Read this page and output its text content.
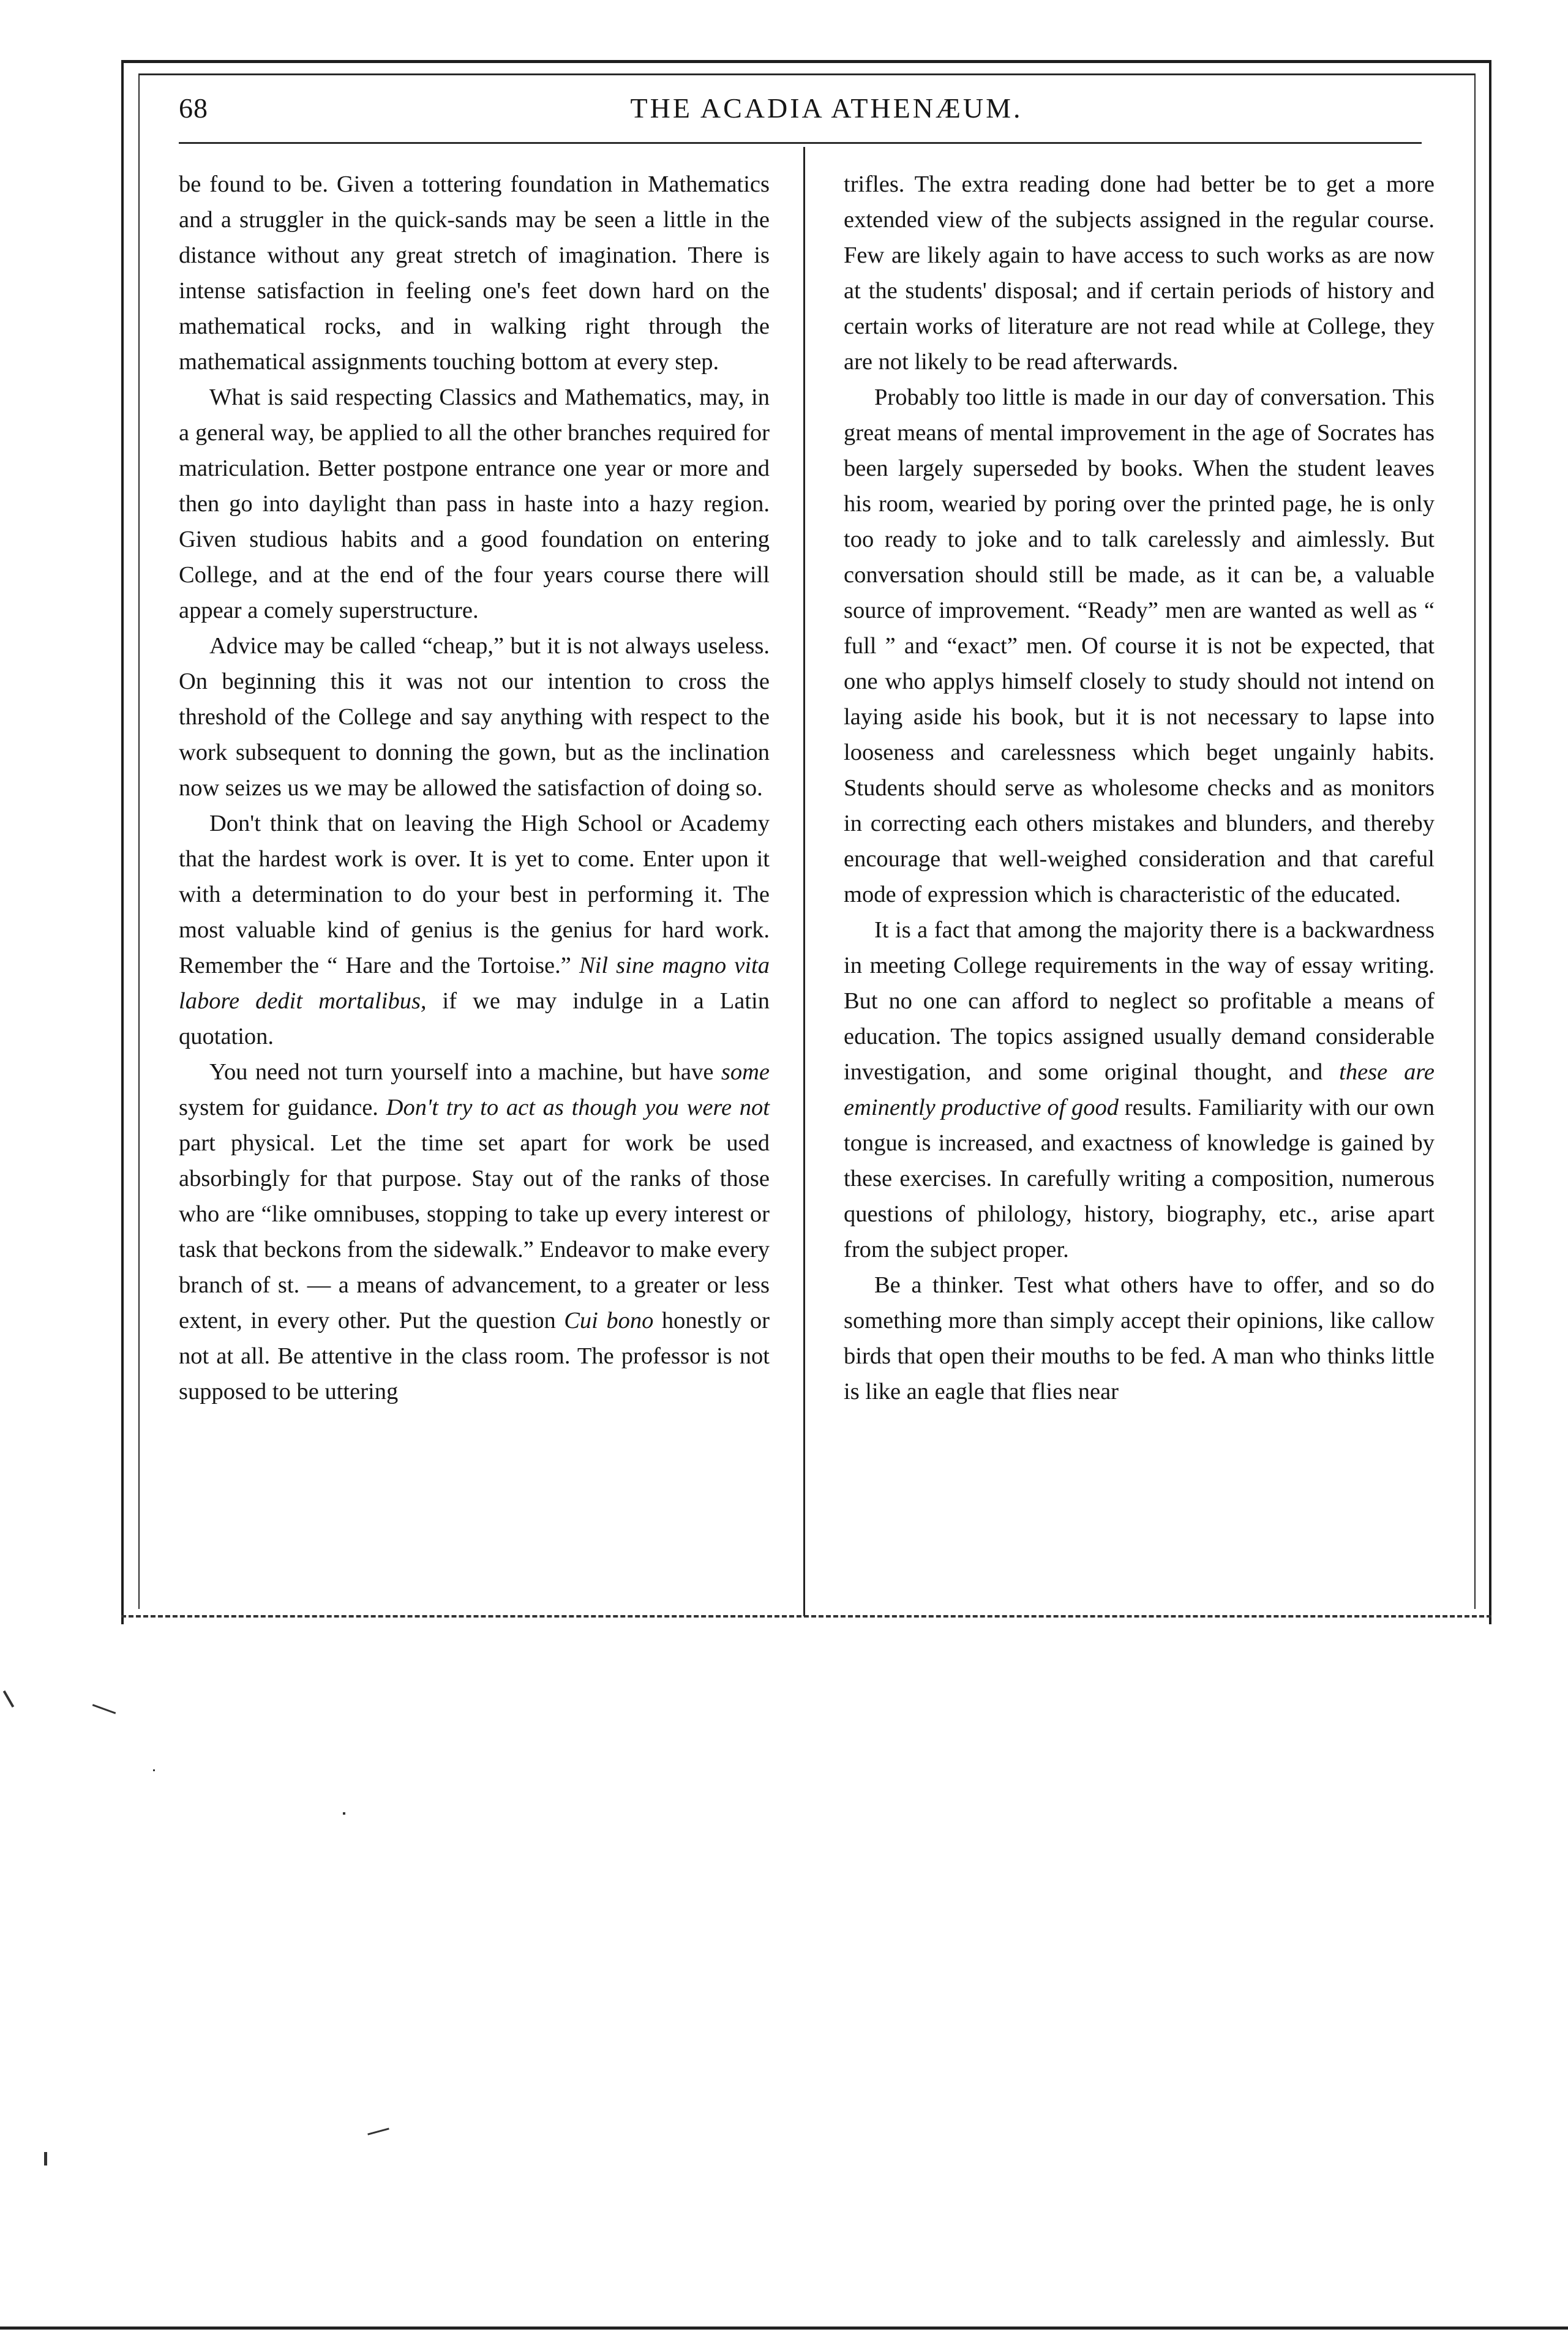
68	THE ACADIA ATHENÆUM.

be found to be. Given a tottering foundation in Mathematics and a struggler in the quick-sands may be seen a little in the distance without any great stretch of imagination. There is intense satisfaction in feeling one's feet down hard on the mathematical rocks, and in walking right through the mathematical assignments touching bottom at every step.

What is said respecting Classics and Mathematics, may, in a general way, be applied to all the other branches required for matriculation. Better postpone entrance one year or more and then go into daylight than pass in haste into a hazy region. Given studious habits and a good foundation on entering College, and at the end of the four years course there will appear a comely superstructure.

Advice may be called “cheap,” but it is not always useless. On beginning this it was not our intention to cross the threshold of the College and say anything with respect to the work subsequent to donning the gown, but as the inclination now seizes us we may be allowed the satisfaction of doing so.

Don't think that on leaving the High School or Academy that the hardest work is over. It is yet to come. Enter upon it with a determination to do your best in performing it. The most valuable kind of genius is the genius for hard work. Remember the “ Hare and the Tortoise.” Nil sine magno vita labore dedit mortalibus, if we may indulge in a Latin quotation.

You need not turn yourself into a machine, but have some system for guidance. Don't try to act as though you were not part physical. Let the time set apart for work be used absorbingly for that purpose. Stay out of the ranks of those who are “like omnibuses, stopping to take up every interest or task that beckons from the sidewalk.” Endeavor to make every branch of st. — a means of advancement, to a greater or less extent, in every other. Put the question Cui bono honestly or not at all. Be attentive in the class room. The professor is not supposed to be uttering

trifles. The extra reading done had better be to get a more extended view of the subjects assigned in the regular course. Few are likely again to have access to such works as are now at the students' disposal; and if certain periods of history and certain works of literature are not read while at College, they are not likely to be read afterwards.

Probably too little is made in our day of conversation. This great means of mental improvement in the age of Socrates has been largely superseded by books. When the student leaves his room, wearied by poring over the printed page, he is only too ready to joke and to talk carelessly and aimlessly. But conversation should still be made, as it can be, a valuable source of improvement. “Ready” men are wanted as well as “ full ” and “exact” men. Of course it is not be expected, that one who applys himself closely to study should not intend on laying aside his book, but it is not necessary to lapse into looseness and carelessness which beget ungainly habits. Students should serve as wholesome checks and as monitors in correcting each others mistakes and blunders, and thereby encourage that well-weighed consideration and that careful mode of expression which is characteristic of the educated.

It is a fact that among the majority there is a backwardness in meeting College requirements in the way of essay writing. But no one can afford to neglect so profitable a means of education. The topics assigned usually demand considerable investigation, and some original thought, and these are eminently productive of good results. Familiarity with our own tongue is increased, and exactness of knowledge is gained by these exercises. In carefully writing a composition, numerous questions of philology, history, biography, etc., arise apart from the subject proper.

Be a thinker. Test what others have to offer, and so do something more than simply accept their opinions, like callow birds that open their mouths to be fed. A man who thinks little is like an eagle that flies near
